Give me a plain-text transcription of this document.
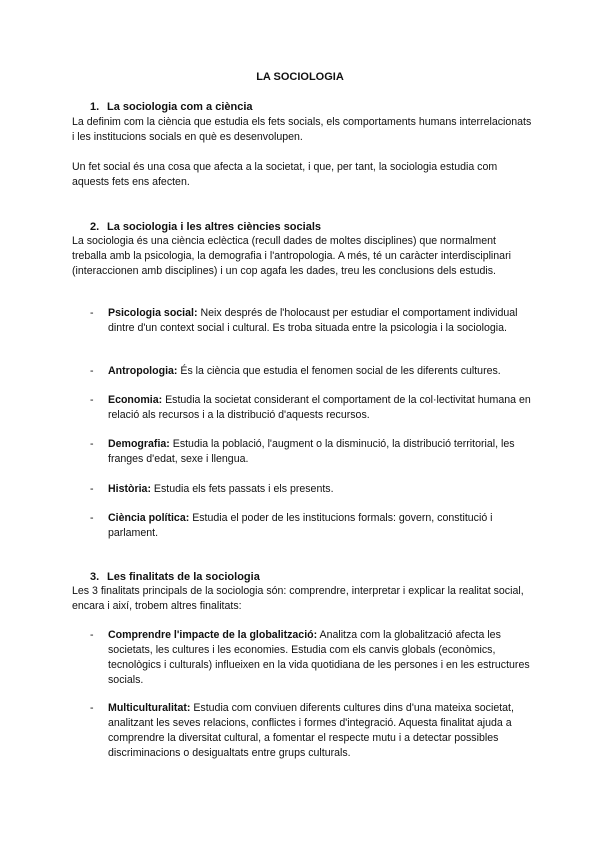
LA SOCIOLOGIA
1. La sociologia com a ciència
La definim com la ciència que estudia els fets socials, els comportaments humans interrelacionats i les institucions socials en què es desenvolupen.
Un fet social és una cosa que afecta a la societat, i que, per tant, la sociologia estudia com aquests fets ens afecten.
2. La sociologia i les altres ciències socials
La sociologia és una ciència eclèctica (recull dades de moltes disciplines) que normalment treballa amb la psicologia, la demografia i l'antropologia. A més, té un caràcter interdisciplinari (interaccionen amb disciplines) i un cop agafa les dades, treu les conclusions dels estudis.
- Psicologia social: Neix després de l'holocaust per estudiar el comportament individual dintre d'un context social i cultural. Es troba situada entre la psicologia i la sociologia.
- Antropologia: És la ciència que estudia el fenomen social de les diferents cultures.
- Economia: Estudia la societat considerant el comportament de la col·lectivitat humana en relació als recursos i a la distribució d'aquests recursos.
- Demografia: Estudia la població, l'augment o la disminució, la distribució territorial, les franges d'edat, sexe i llengua.
- Història: Estudia els fets passats i els presents.
- Ciència política: Estudia el poder de les institucions formals: govern, constitució i parlament.
3. Les finalitats de la sociologia
Les 3 finalitats principals de la sociologia són: comprendre, interpretar i explicar la realitat social, encara i així, trobem altres finalitats:
- Comprendre l'impacte de la globalització: Analitza com la globalització afecta les societats, les cultures i les economies. Estudia com els canvis globals (econòmics, tecnològics i culturals) influeixen en la vida quotidiana de les persones i en les estructures socials.
- Multiculturalitat: Estudia com conviuen diferents cultures dins d'una mateixa societat, analitzant les seves relacions, conflictes i formes d'integració. Aquesta finalitat ajuda a comprendre la diversitat cultural, a fomentar el respecte mutu i a detectar possibles discriminacions o desigualtats entre grups culturals.
